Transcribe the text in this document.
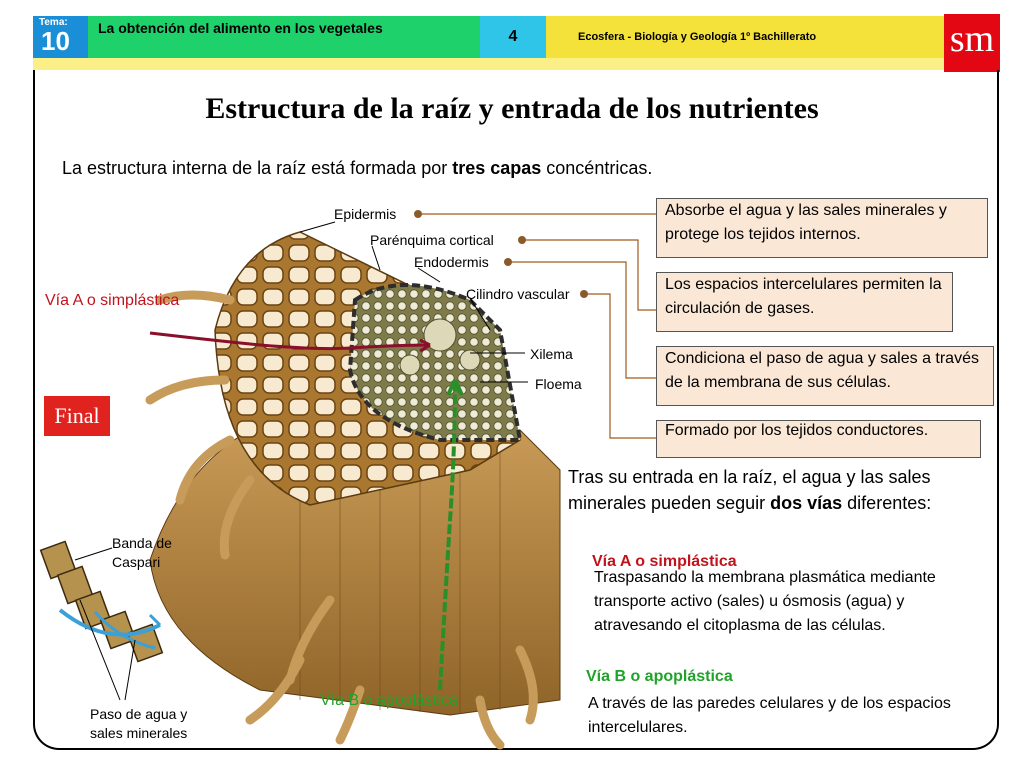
Tema:
10 La obtención del alimento en los vegetales	4	Ecosfera - Biología y Geología 1º Bachillerato	sm
Estructura de la raíz y entrada de los nutrientes
La estructura interna de la raíz está formada por tres capas concéntricas.
Epidermis
Parénquima cortical
Endodermis
Cilindro vascular
Xilema
Floema
Vía A o simplástica
Vía B o apoplástica
Banda de
Caspari
Paso de agua y
sales minerales
Absorbe el agua y las sales minerales y protege los tejidos internos.
Los espacios intercelulares permiten la circulación de gases.
Condiciona el paso de agua y sales a través de la membrana de sus células.
Formado por los tejidos conductores.
Final
Tras su entrada en la raíz, el agua y las sales minerales pueden seguir dos vías diferentes:
Vía A o simplástica
Traspasando la membrana plasmática mediante transporte activo (sales) u ósmosis (agua) y atravesando el citoplasma de las células.
Vía B o apoplástica
A través de las paredes celulares y de los espacios intercelulares.
